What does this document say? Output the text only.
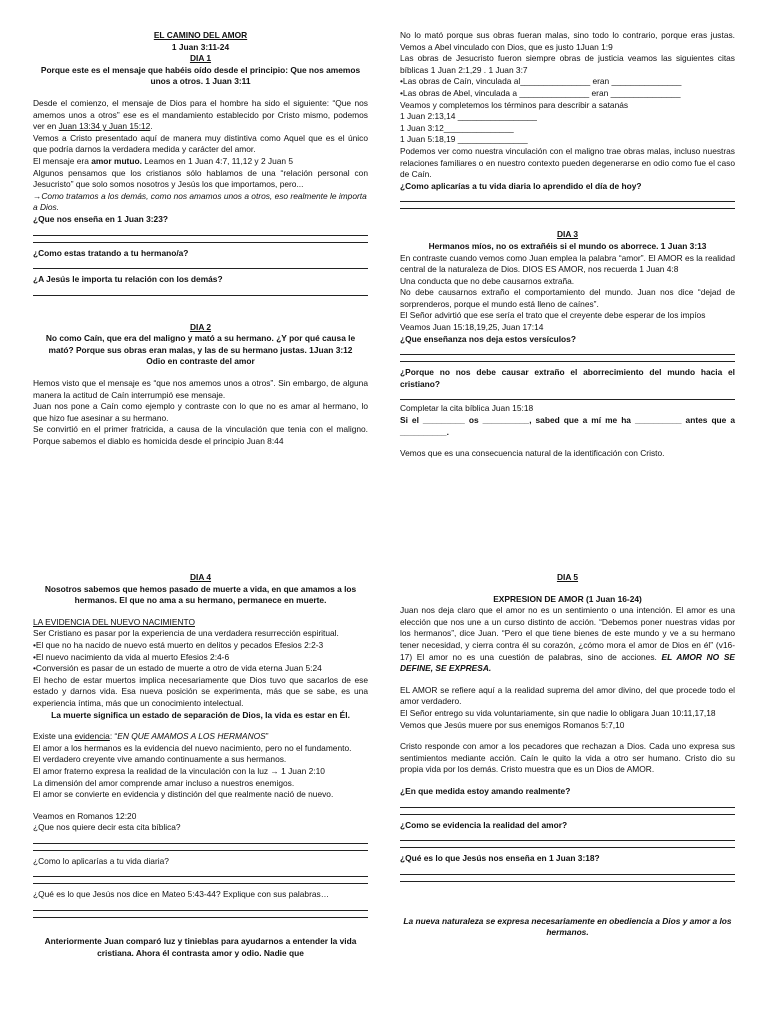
EL CAMINO DEL AMOR

1 Juan 3:11-24

DIA 1

Porque este es el mensaje que habéis oído desde el principio: Que nos amemos unos a otros. 1 Juan 3:11

Desde el comienzo, el mensaje de Dios para el hombre ha sido el siguiente: “Que nos amemos unos a otros” ese es el mandamiento establecido por Cristo mismo, podemos ver en Juan 13:34 y Juan 15:12.

Vemos a Cristo presentado aquí de manera muy distintiva como Aquel que es el único que podría darnos la verdadera medida y carácter del amor.

El mensaje era amor mutuo. Leamos en 1 Juan 4:7, 11,12 y 2 Juan 5

Algunos pensamos que los cristianos sólo hablamos de una “relación personal con Jesucristo” que solo somos nosotros y Jesús los que importamos, pero...

→Como tratamos a los demás, como nos amamos unos a otros, eso realmente le importa a Dios.

¿Que nos enseña en 1 Juan 3:23?

¿Como estas tratando a tu hermano/a?

¿A Jesús le importa tu relación con los demás?

DIA 2

No como Caín, que era del maligno y mató a su hermano. ¿Y por qué causa le mató? Porque sus obras eran malas, y las de su hermano justas. 1Juan 3:12

Odio en contraste del amor

Hemos visto que el mensaje es “que nos amemos unos a otros”. Sin embargo, de alguna manera la actitud de Caín interrumpió ese mensaje.

Juan nos pone a Caín como ejemplo y contraste con lo que no es amar al hermano, lo que hizo fue asesinar a su hermano.

Se convirtió en el primer fratricida, a causa de la vinculación que tenia con el maligno. Porque sabemos el diablo es homicida desde el principio Juan 8:44

No lo mató porque sus obras fueran malas, sino todo lo contrario, porque eras justas. Vemos a Abel vinculado con Dios, que es justo 1Juan 1:9

Las obras de Jesucristo fueron siempre obras de justicia veamos las siguientes citas bíblicas 1 Juan 2:1,29 . 1 Juan 3:7

•Las obras de Caín, vinculada al_______________ eran _______________

•Las obras de Abel, vinculada a _______________ eran _______________

Veamos y completemos los términos para describir a satanás

1 Juan 2:13,14 _________________

1 Juan 3:12_______________

1 Juan 5:18,19 _______________

Podemos ver como nuestra vinculación con el maligno trae obras malas, incluso nuestras relaciones familiares o en nuestro contexto pueden degenerarse en odio como fue el caso de Caín.

¿Como aplicarías a tu vida diaria lo aprendido el día de hoy?

DIA 3

Hermanos míos, no os extrañéis si el mundo os aborrece. 1 Juan 3:13

En contraste cuando vemos como Juan emplea la palabra “amor”. El AMOR es la realidad central de la naturaleza de Dios. DIOS ES AMOR, nos recuerda 1 Juan 4:8

Una conducta que no debe causarnos extraña.

No debe causarnos extraño el comportamiento del mundo. Juan nos dice “dejad de sorprenderos, porque el mundo está lleno de caínes”.

El Señor advirtió que ese sería el trato que el creyente debe esperar de los impíos

Veamos Juan 15:18,19,25, Juan 17:14

¿Que enseñanza nos deja estos versículos?

¿Porque no nos debe causar extraño el aborrecimiento del mundo hacia el cristiano?

Completar la cita bíblica Juan 15:18

Si el _________ os __________, sabed que a mí me ha __________ antes que a __________.

Vemos que es una consecuencia natural de la identificación con Cristo.

DIA 4

Nosotros sabemos que hemos pasado de muerte a vida, en que amamos a los hermanos. El que no ama a su hermano, permanece en muerte.

LA EVIDENCIA DEL NUEVO NACIMIENTO

Ser Cristiano es pasar por la experiencia de una verdadera resurrección espiritual.

•El que no ha nacido de nuevo está muerto en delitos y pecados Efesios 2:2-3

•El nuevo nacimiento da vida al muerto Efesios 2:4-6

•Conversión es pasar de un estado de muerte a otro de vida eterna Juan 5:24

El hecho de estar muertos implica necesariamente que Dios tuvo que sacarlos de ese estado y darnos vida. Esa nueva posición se experimenta, más que se sabe, es una experiencia íntima, más que un conocimiento intelectual.

La muerte significa un estado de separación de Dios, la vida es estar en Él.

Existe una evidencia: “EN QUE AMAMOS A LOS HERMANOS”

El amor a los hermanos es la evidencia del nuevo nacimiento, pero no el fundamento.

El verdadero creyente vive amando continuamente a sus hermanos.

El amor fraterno expresa la realidad de la vinculación con la luz → 1 Juan 2:10

La dimensión del amor comprende amar incluso a nuestros enemigos.

El amor se convierte en evidencia y distinción del que realmente nació de nuevo.

Veamos en Romanos 12:20

¿Que nos quiere decir esta cita bíblica?

¿Como lo aplicarías a tu vida diaria?

¿Qué es lo que Jesús nos dice en Mateo 5:43-44? Explique con sus palabras…

Anteriormente Juan comparó luz y tinieblas para ayudarnos a entender la vida cristiana. Ahora él contrasta amor y odio. Nadie que

DIA 5

EXPRESION DE AMOR (1 Juan 16-24)

Juan nos deja claro que el amor no es un sentimiento o una intención. El amor es una elección que nos une a un curso distinto de acción. “Debemos poner nuestras vidas por los hermanos”, dice Juan. “Pero el que tiene bienes de este mundo y ve a su hermano tener necesidad, y cierra contra él su corazón, ¿cómo mora el amor de Dios en él” (v16-17) El amor no es una cuestión de palabras, sino de acciones. EL AMOR NO SE DEFINE, SE EXPRESA.

EL AMOR se refiere aquí a la realidad suprema del amor divino, del que procede todo el amor verdadero.

El Señor entrego su vida voluntariamente, sin que nadie lo obligara Juan 10:11,17,18

Vemos que Jesús muere por sus enemigos Romanos 5:7,10

Cristo responde con amor a los pecadores que rechazan a Dios. Cada uno expresa sus sentimientos mediante acción. Caín le quito la vida a otro ser humano. Cristo dio su propia vida por los demás. Cristo muestra que es un Dios de AMOR.

¿En que medida estoy amando realmente?

¿Como se evidencia la realidad del amor?

¿Qué es lo que Jesús nos enseña en 1 Juan 3:18?

La nueva naturaleza se expresa necesariamente en obediencia a Dios y amor a los hermanos.
